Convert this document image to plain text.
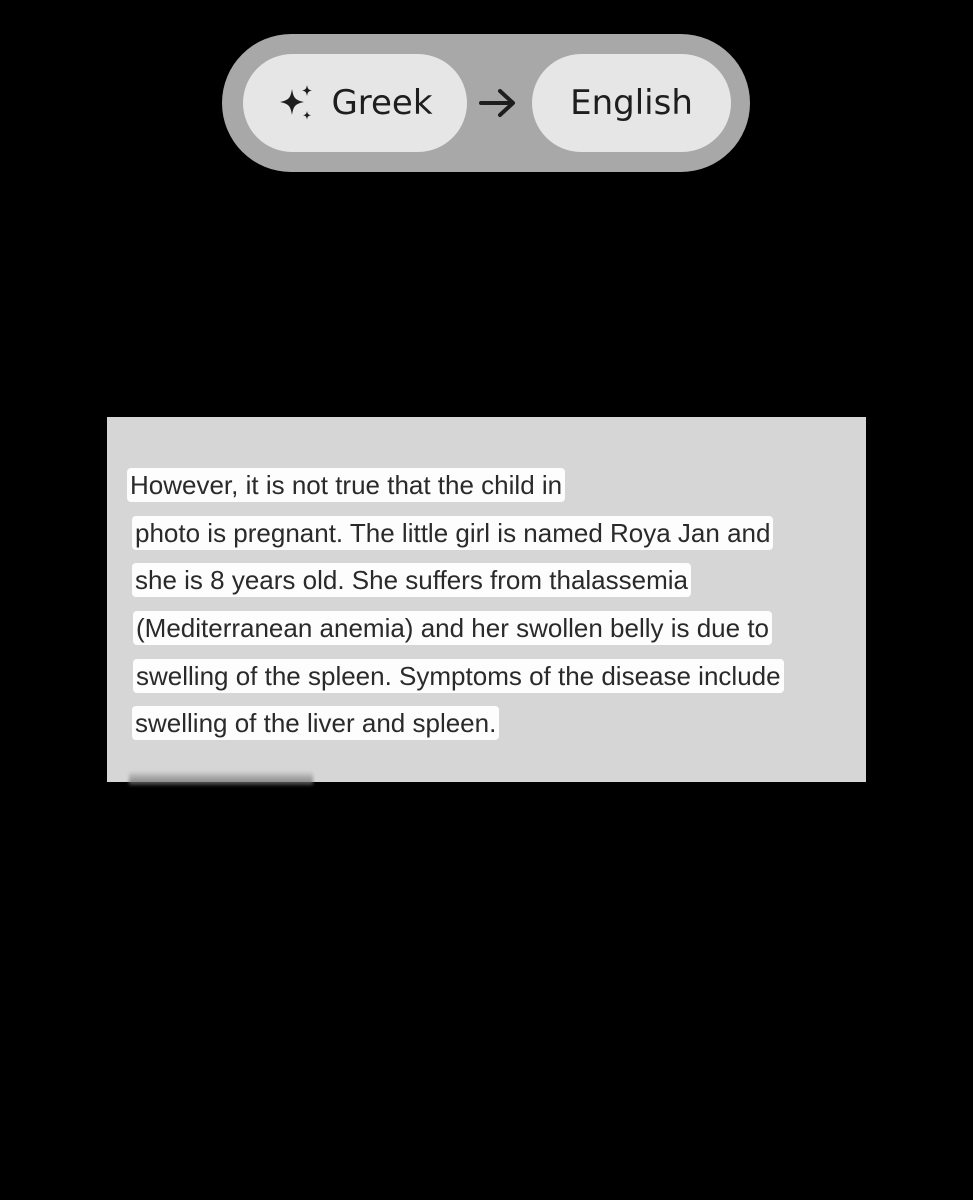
Greek	English
However, it is not true that the child in
photo is pregnant. The little girl is named Roya Jan and
she is 8 years old. She suffers from thalassemia
(Mediterranean anemia) and her swollen belly is due to
swelling of the spleen. Symptoms of the disease include
swelling of the liver and spleen.
